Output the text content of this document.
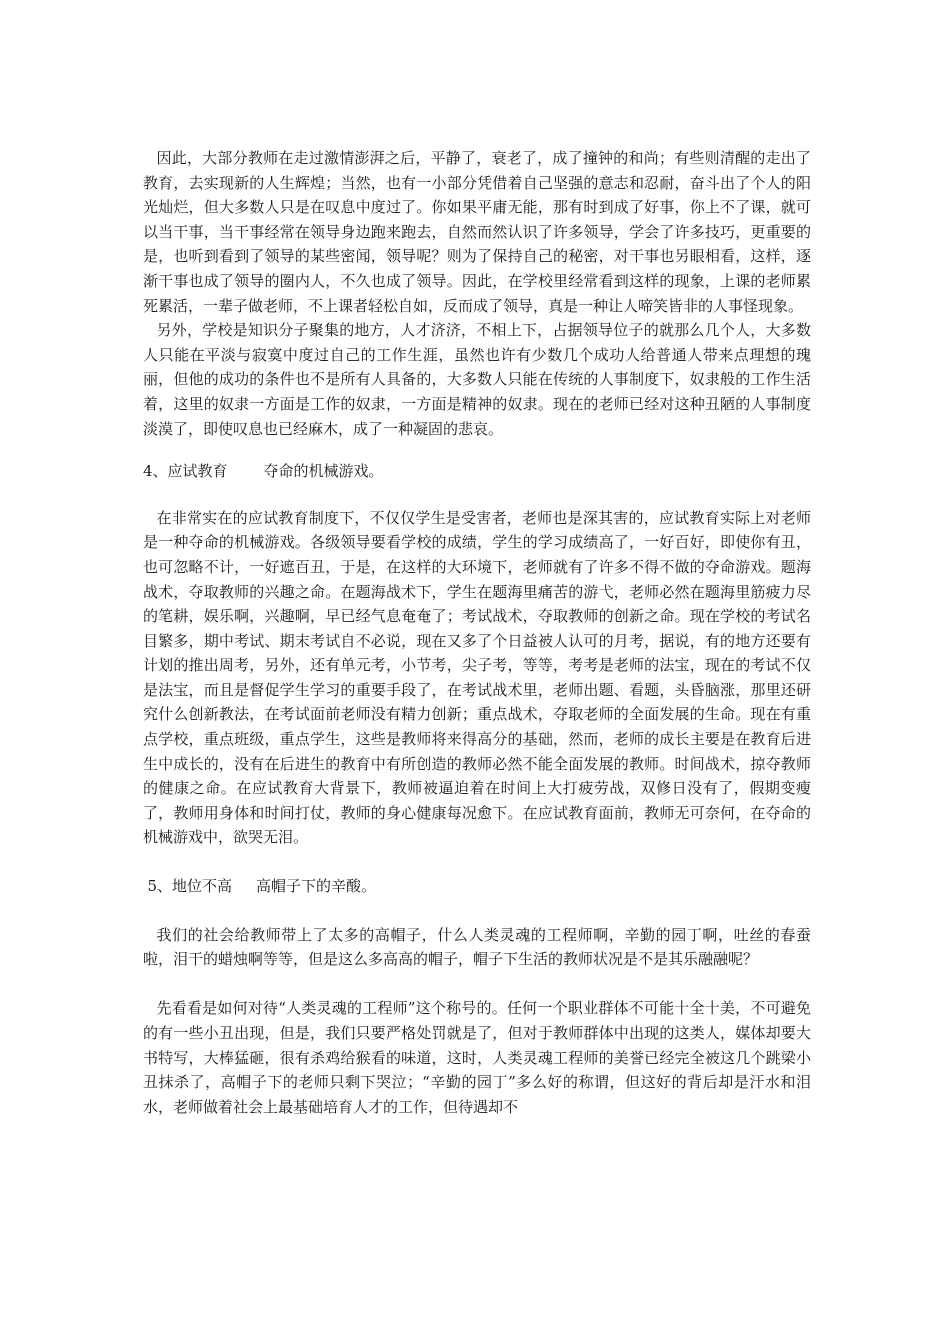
因此，大部分教师在走过激情澎湃之后，平静了，衰老了，成了撞钟的和尚；有些则清醒的走出了教育，去实现新的人生辉煌；当然，也有一小部分凭借着自己坚强的意志和忍耐，奋斗出了个人的阳光灿烂，但大多数人只是在叹息中度过了。你如果平庸无能，那有时到成了好事，你上不了课，就可以当干事，当干事经常在领导身边跑来跑去，自然而然认识了许多领导，学会了许多技巧，更重要的是，也听到看到了领导的某些密闻，领导呢？则为了保持自己的秘密，对干事也另眼相看，这样，逐渐干事也成了领导的圈内人，不久也成了领导。因此，在学校里经常看到这样的现象，上课的老师累死累活，一辈子做老师，不上课者轻松自如，反而成了领导，真是一种让人啼笑皆非的人事怪现象。

另外，学校是知识分子聚集的地方，人才济济，不相上下，占据领导位子的就那么几个人，大多数人只能在平淡与寂寞中度过自己的工作生涯，虽然也许有少数几个成功人给普通人带来点理想的瑰丽，但他的成功的条件也不是所有人具备的，大多数人只能在传统的人事制度下，奴隶般的工作生活着，这里的奴隶一方面是工作的奴隶，一方面是精神的奴隶。现在的老师已经对这种丑陋的人事制度淡漠了，即使叹息也已经麻木，成了一种凝固的悲哀。

4、应试教育 夺命的机械游戏。

在非常实在的应试教育制度下，不仅仅学生是受害者，老师也是深其害的，应试教育实际上对老师是一种夺命的机械游戏。各级领导要看学校的成绩，学生的学习成绩高了，一好百好，即使你有丑，也可忽略不计，一好遮百丑，于是，在这样的大环境下，老师就有了许多不得不做的夺命游戏。题海战术，夺取教师的兴趣之命。在题海战术下，学生在题海里痛苦的游弋，老师必然在题海里筋疲力尽的笔耕，娱乐啊，兴趣啊，早已经气息奄奄了；考试战术，夺取教师的创新之命。现在学校的考试名目繁多，期中考试、期末考试自不必说，现在又多了个日益被人认可的月考，据说，有的地方还要有计划的推出周考，另外，还有单元考，小节考，尖子考，等等，考考是老师的法宝，现在的考试不仅是法宝，而且是督促学生学习的重要手段了，在考试战术里，老师出题、看题，头昏脑涨，那里还研究什么创新教法，在考试面前老师没有精力创新；重点战术，夺取老师的全面发展的生命。现在有重点学校，重点班级，重点学生，这些是教师将来得高分的基础，然而，老师的成长主要是在教育后进生中成长的，没有在后进生的教育中有所创造的教师必然不能全面发展的教师。时间战术，掠夺教师的健康之命。在应试教育大背景下，教师被逼迫着在时间上大打疲劳战，双修日没有了，假期变瘦了，教师用身体和时间打仗，教师的身心健康每况愈下。在应试教育面前，教师无可奈何，在夺命的机械游戏中，欲哭无泪。

5、地位不高 高帽子下的辛酸。

我们的社会给教师带上了太多的高帽子，什么人类灵魂的工程师啊，辛勤的园丁啊，吐丝的春蚕啦，泪干的蜡烛啊等等，但是这么多高高的帽子，帽子下生活的教师状况是不是其乐融融呢？

先看看是如何对待“人类灵魂的工程师”这个称号的。任何一个职业群体不可能十全十美，不可避免的有一些小丑出现，但是，我们只要严格处罚就是了，但对于教师群体中出现的这类人，媒体却要大书特写，大棒猛砸，很有杀鸡给猴看的味道，这时，人类灵魂工程师的美誉已经完全被这几个跳梁小丑抹杀了，高帽子下的老师只剩下哭泣；“辛勤的园丁”多么好的称谓，但这好的背后却是汗水和泪水，老师做着社会上最基础培育人才的工作，但待遇却不
